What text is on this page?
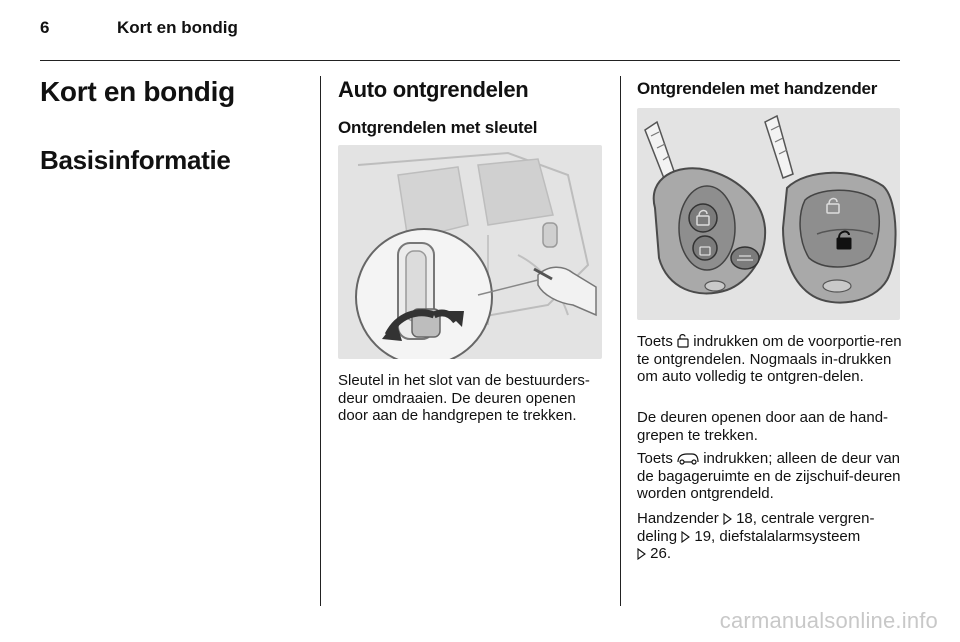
6	Kort en bondig
Kort en bondig
Basisinformatie
Auto ontgrendelen
Ontgrendelen met sleutel
Sleutel in het slot van de bestuurders-deur omdraaien. De deuren openen door aan de handgrepen te trekken.
Ontgrendelen met handzender
Toets  indrukken om de voorportie-ren te ontgrendelen. Nogmaals in-drukken om auto volledig te ontgren-delen.
De deuren openen door aan de hand-grepen te trekken.
Toets  indrukken; alleen de deur van de bagageruimte en de zijschuif-deuren worden ontgrendeld.
Handzender  18, centrale vergren-deling  19, diefstalalarmsysteem
26.
carmanualsonline.info
